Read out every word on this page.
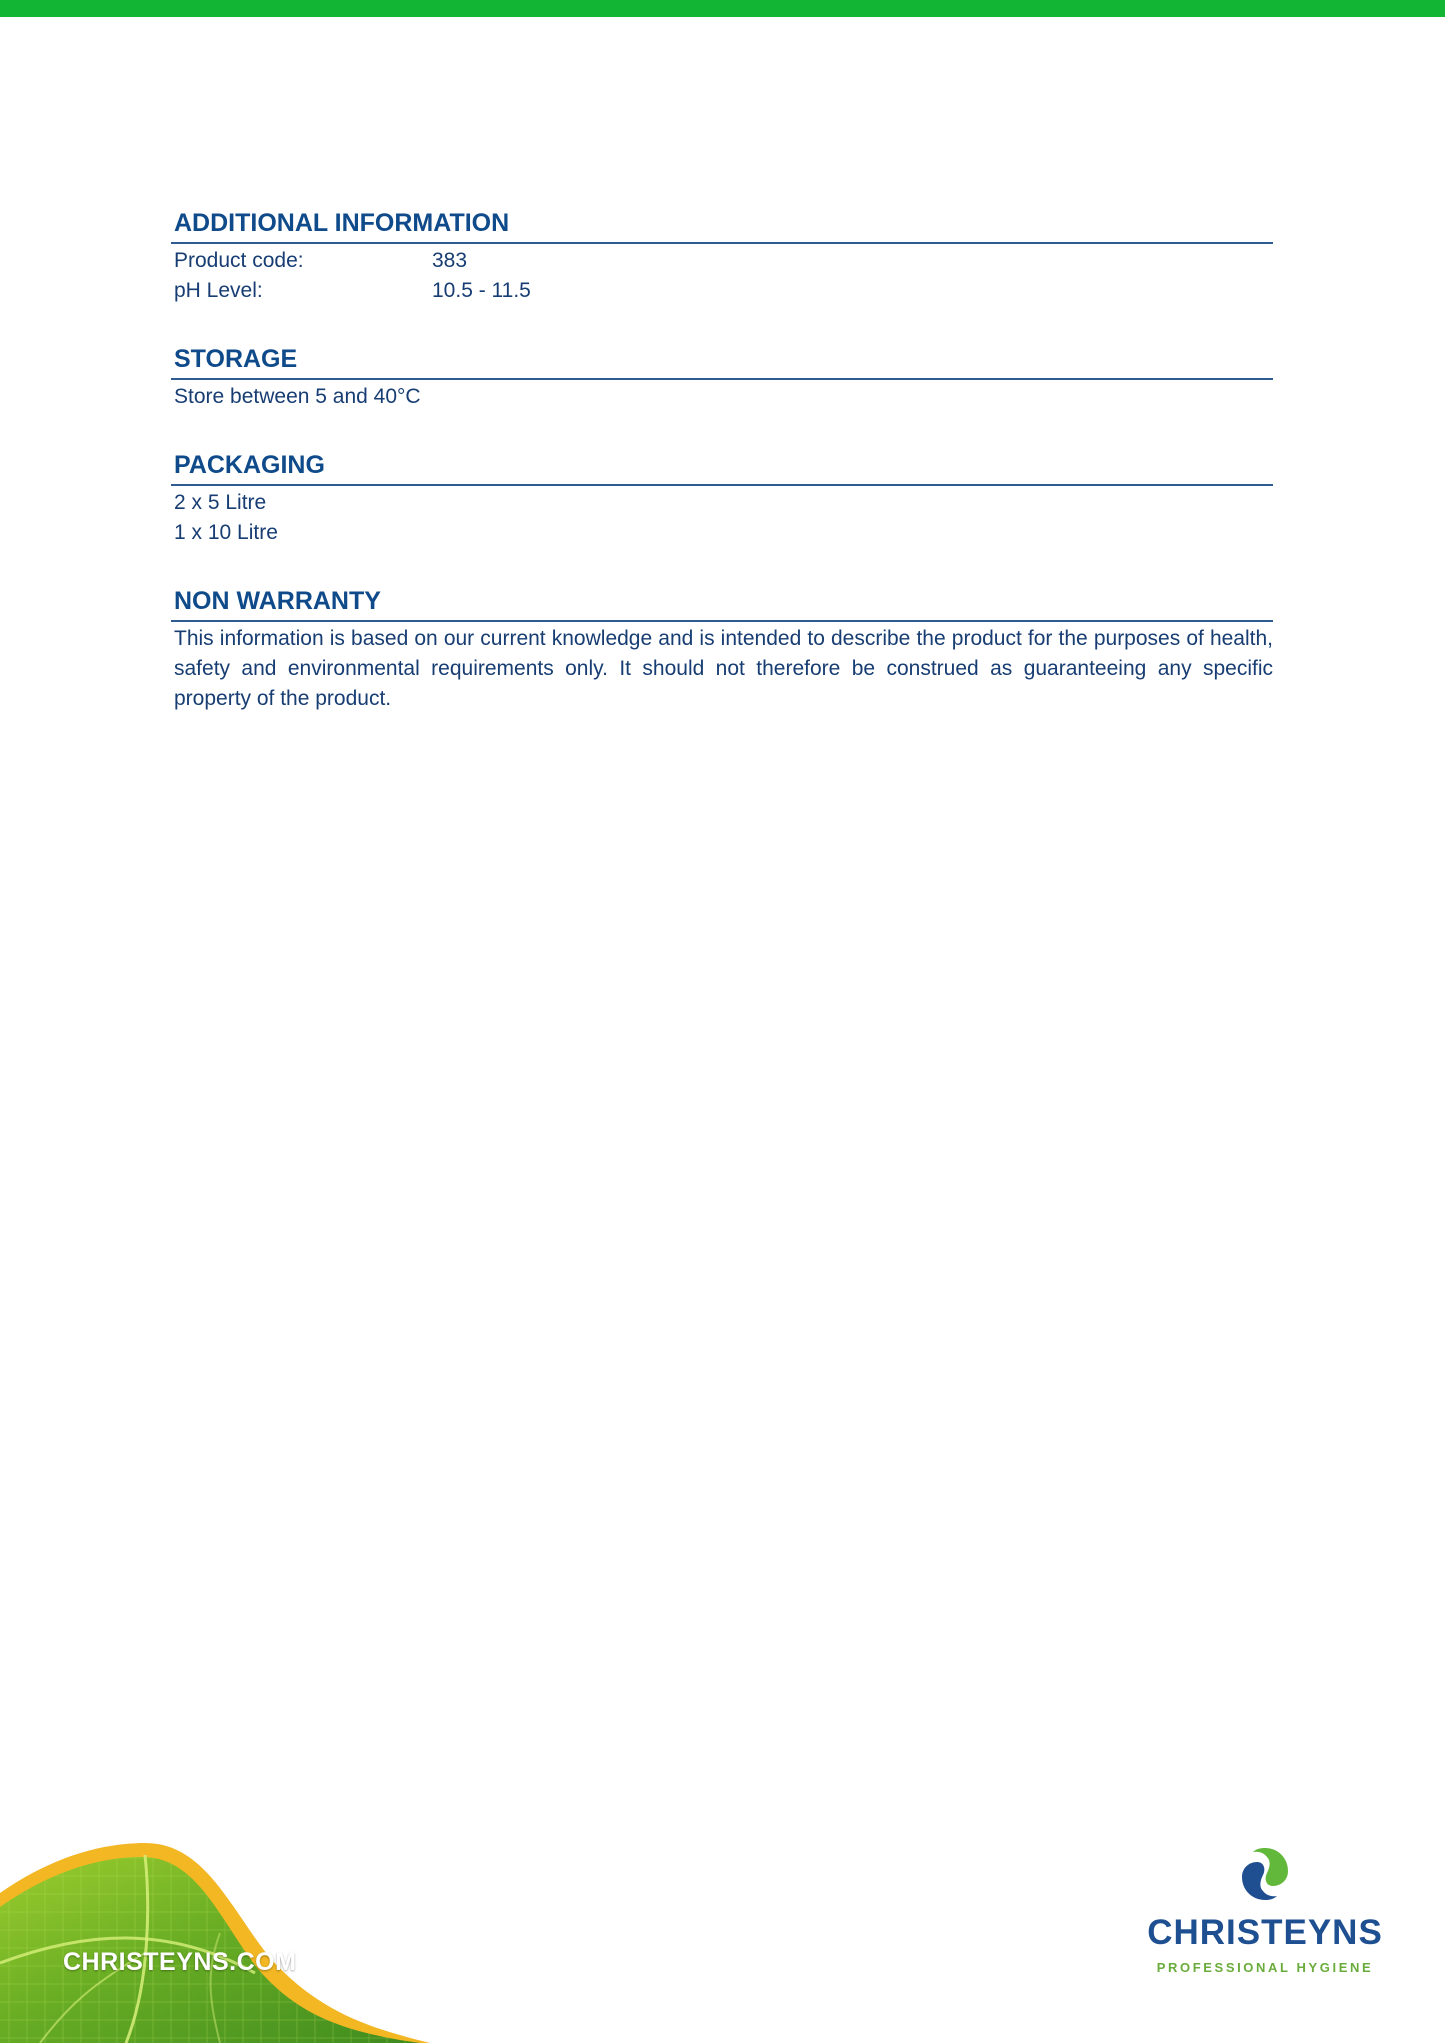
ADDITIONAL INFORMATION
Product code:	383
pH Level:	10.5 - 11.5
STORAGE
Store between 5 and 40°C
PACKAGING
2 x 5 Litre
1 x 10 Litre
NON WARRANTY

This information is based on our current knowledge and is intended to describe the product for the purposes of health, safety and environmental requirements only. It should not therefore be construed as guaranteeing any specific property of the product.

CHRISTEYNS.COM
CHRISTEYNS
PROFESSIONAL HYGIENE
